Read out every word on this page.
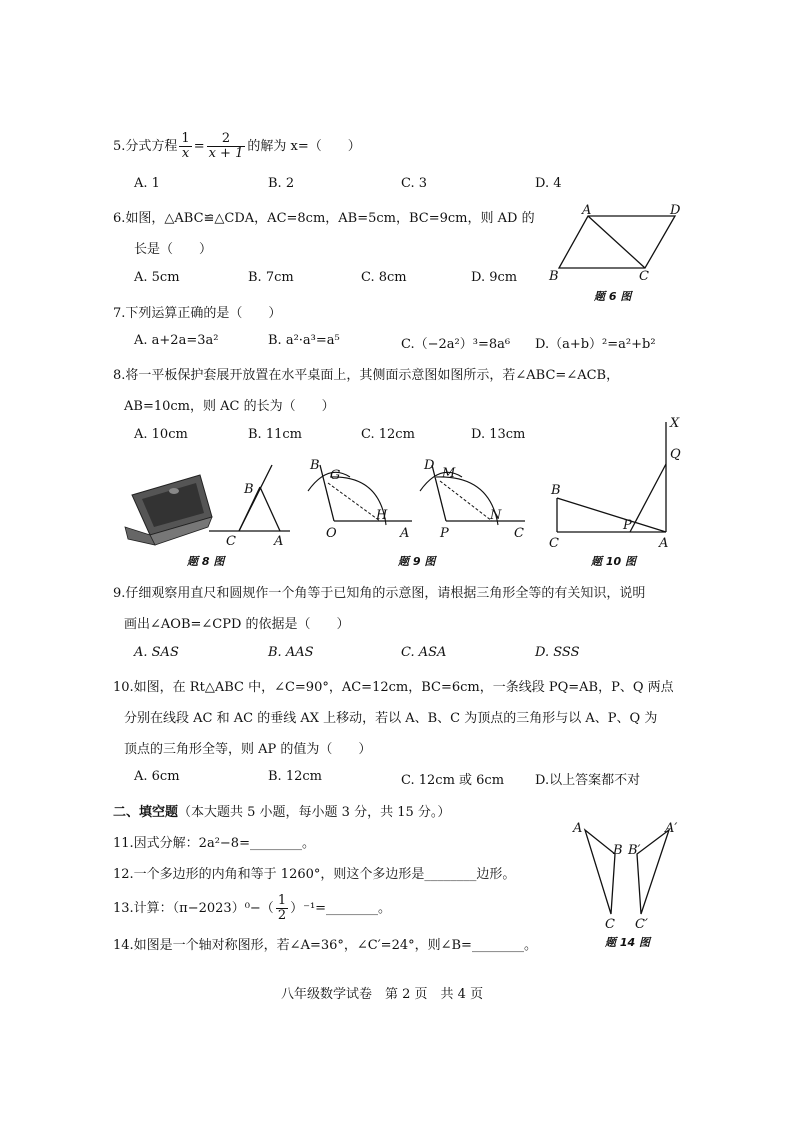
5.分式方程 $\frac{1}{x} = \frac{2}{x + 1}$ 的解为 x=（　　）
A. 1	B. 2	C. 3	D. 4
6.如图，△ABC≌△CDA，AC=8cm，AB=5cm，BC=9cm，则 AD 的
长是（　　）
A. 5cm	B. 7cm	C. 8cm	D. 9cm
A	D
B	C
题 6 图
7.下列运算正确的是（　　）
A. a+2a=3a²	B. a²·a³=a⁵	C.（−2a²）³=8a⁶ D.（a+b）²=a²+b²
8.将一平板保护套展开放置在水平桌面上，其侧面示意图如图所示，若∠ABC=∠ACB，
AB=10cm，则 AC 的长为（　　）
A. 10cm	B. 11cm	C. 12cm	D. 13cm
B
C	A
题 8 图
B
G
O
H
A
D
M
P
N
C
题 9 图
X
Q
B
C
P
A
题 10 图
9.仔细观察用直尺和圆规作一个角等于已知角的示意图，请根据三角形全等的有关知识，说明
画出∠AOB=∠CPD 的依据是（　　）
A. SAS	B. AAS	C. ASA	D. SSS
10.如图，在 Rt△ABC 中，∠C=90°，AC=12cm，BC=6cm，一条线段 PQ=AB，P、Q 两点
分别在线段 AC 和 AC 的垂线 AX 上移动，若以 A、B、C 为顶点的三角形与以 A、P、Q 为
顶点的三角形全等，则 AP 的值为（　　）
A. 6cm	B. 12cm	C. 12cm 或 6cm D.以上答案都不对
二、填空题（本大题共 5 小题，每小题 3 分，共 15 分。）
11.因式分解：2a²−8=________。
12.一个多边形的内角和等于 1260°，则这个多边形是________边形。
13.计算：$(\pi-2023)^0-( \frac{1}{2}$ ）⁻¹=________。
14.如图是一个轴对称图形，若∠A=36°，∠C′=24°，则∠B=________。
A
B
C
A′
B′
C′
题 14 图
八年级数学试卷　第 2 页　共 4 页
